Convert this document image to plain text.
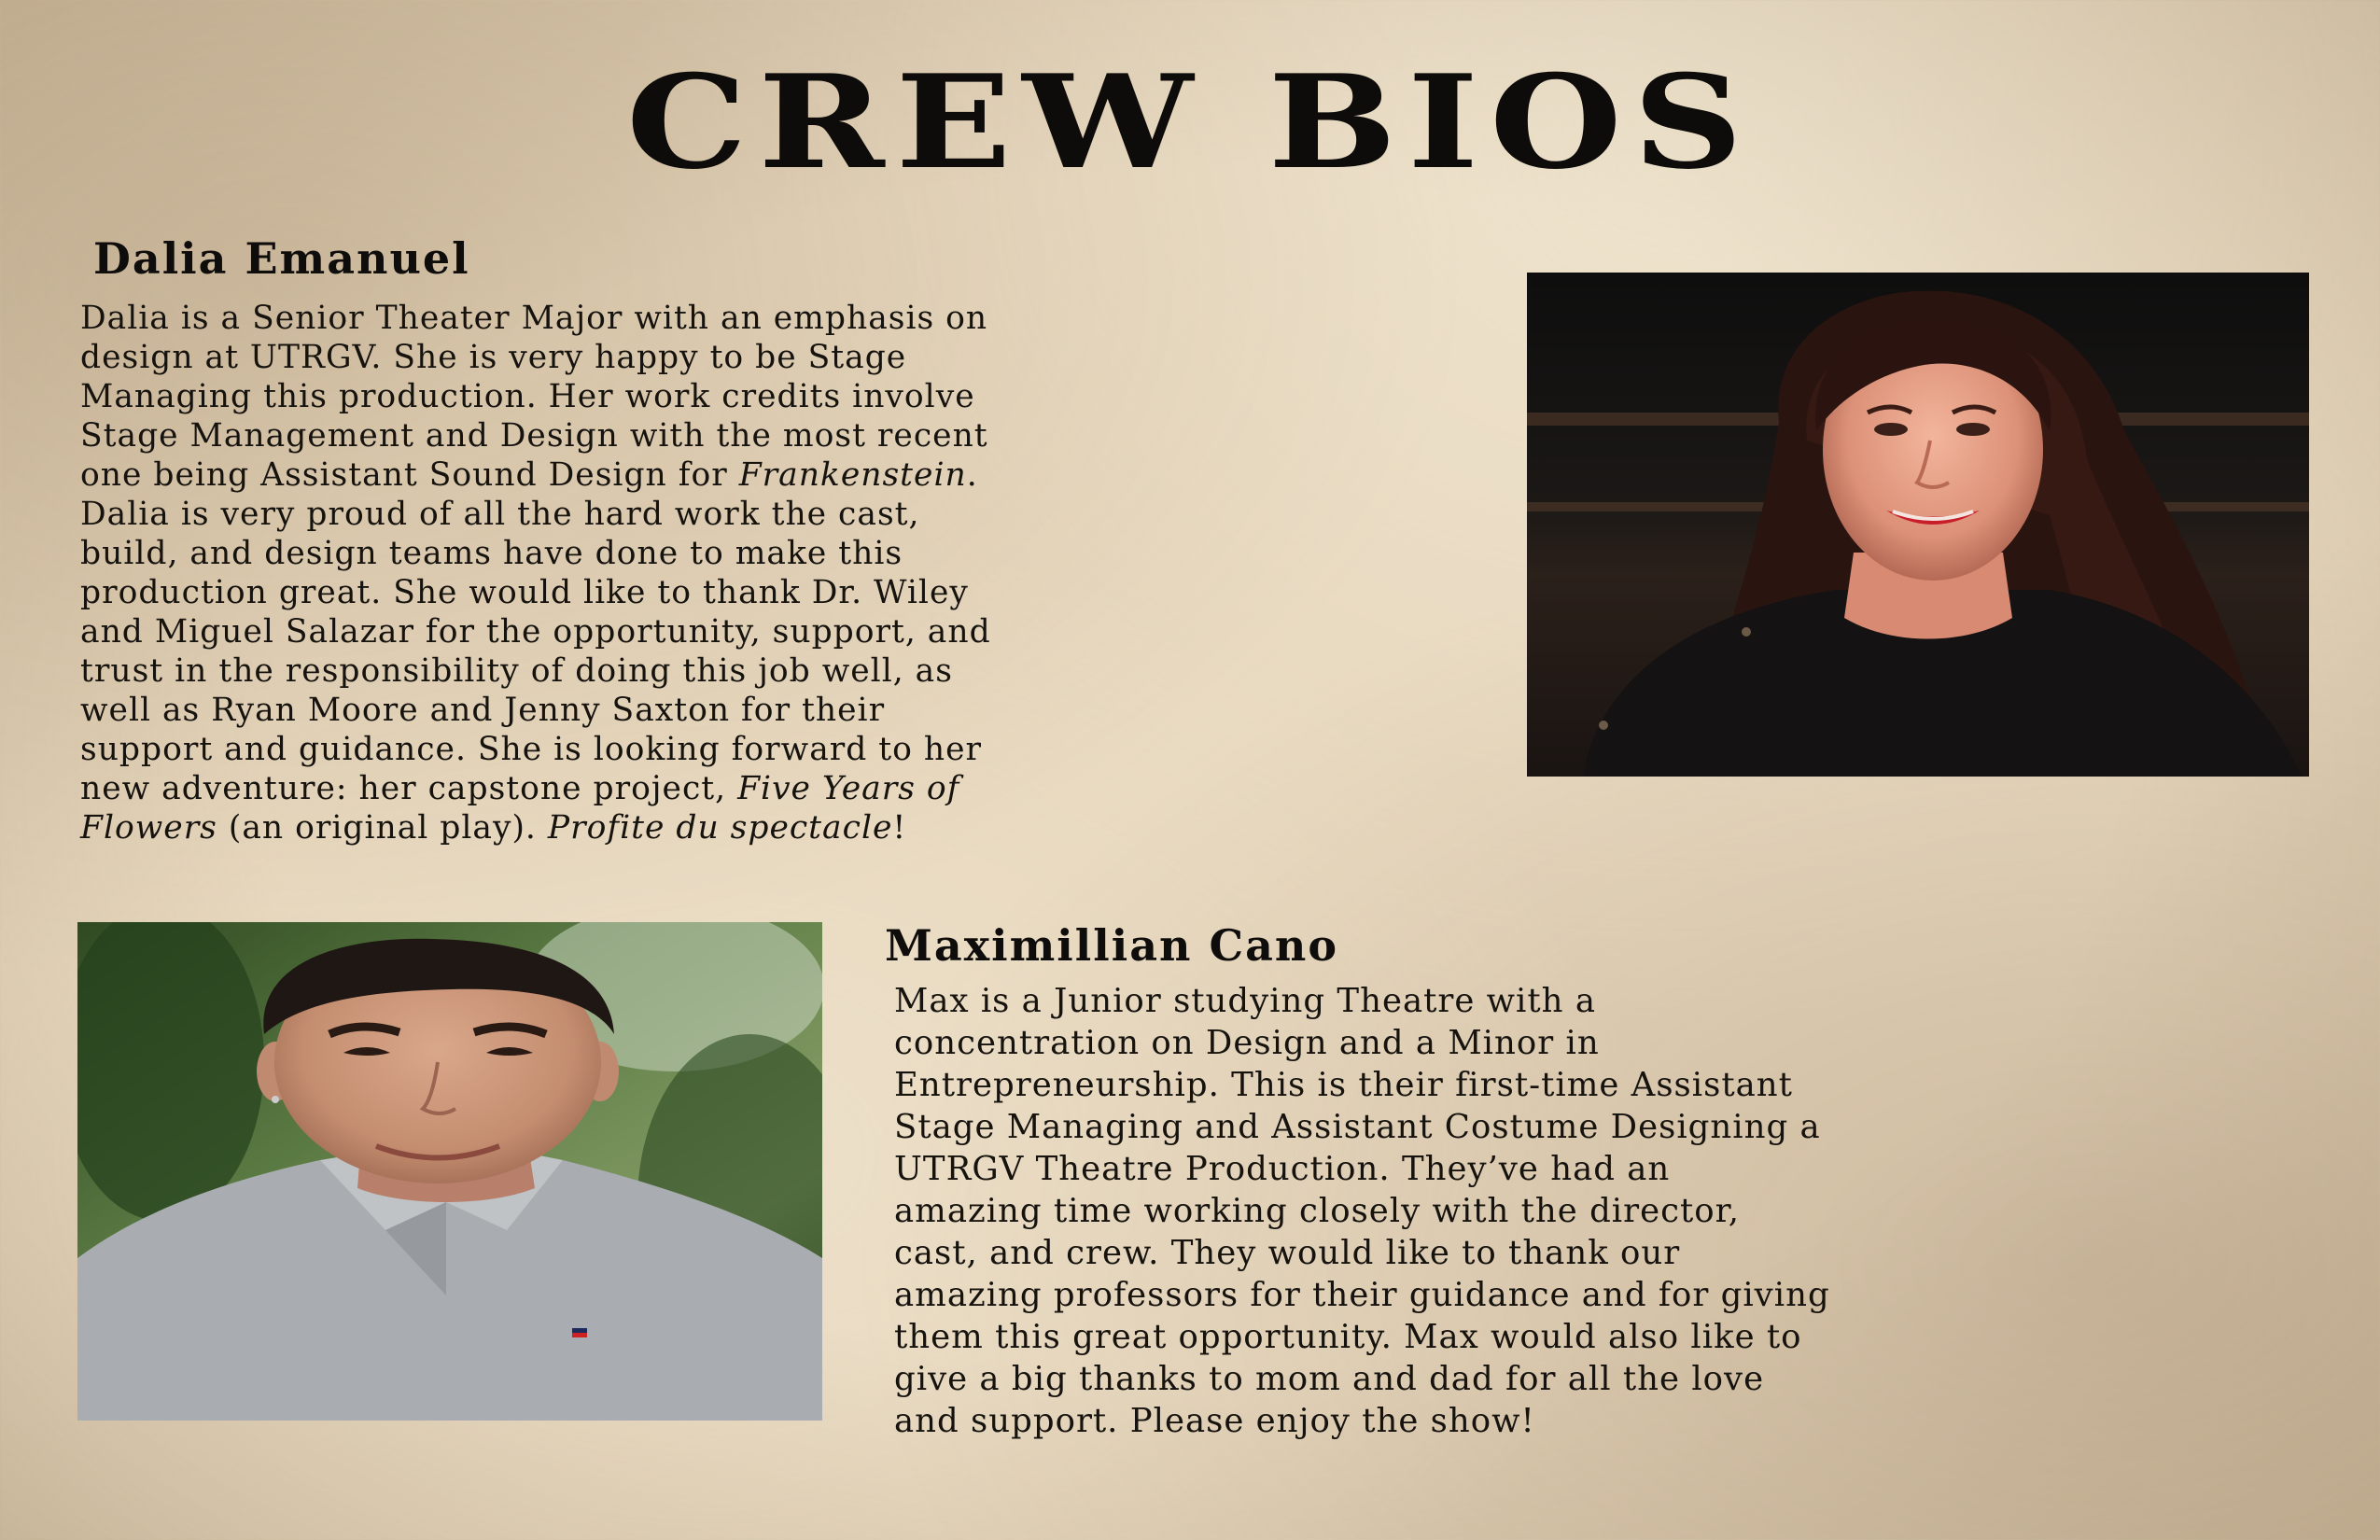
CREW BIOS
Dalia Emanuel
Dalia is a Senior Theater Major with an emphasis on
design at UTRGV. She is very happy to be Stage
Managing this production. Her work credits involve
Stage Management and Design with the most recent
one being Assistant Sound Design for Frankenstein.
Dalia is very proud of all the hard work the cast,
build, and design teams have done to make this
production great. She would like to thank Dr. Wiley
and Miguel Salazar for the opportunity, support, and
trust in the responsibility of doing this job well, as
well as Ryan Moore and Jenny Saxton for their
support and guidance. She is looking forward to her
new adventure: her capstone project, Five Years of
Flowers (an original play). Profite du spectacle!
Maximillian Cano
Max is a Junior studying Theatre with a
concentration on Design and a Minor in
Entrepreneurship. This is their first-time Assistant
Stage Managing and Assistant Costume Designing a
UTRGV Theatre Production. They’ve had an
amazing time working closely with the director,
cast, and crew. They would like to thank our
amazing professors for their guidance and for giving
them this great opportunity. Max would also like to
give a big thanks to mom and dad for all the love
and support. Please enjoy the show!
